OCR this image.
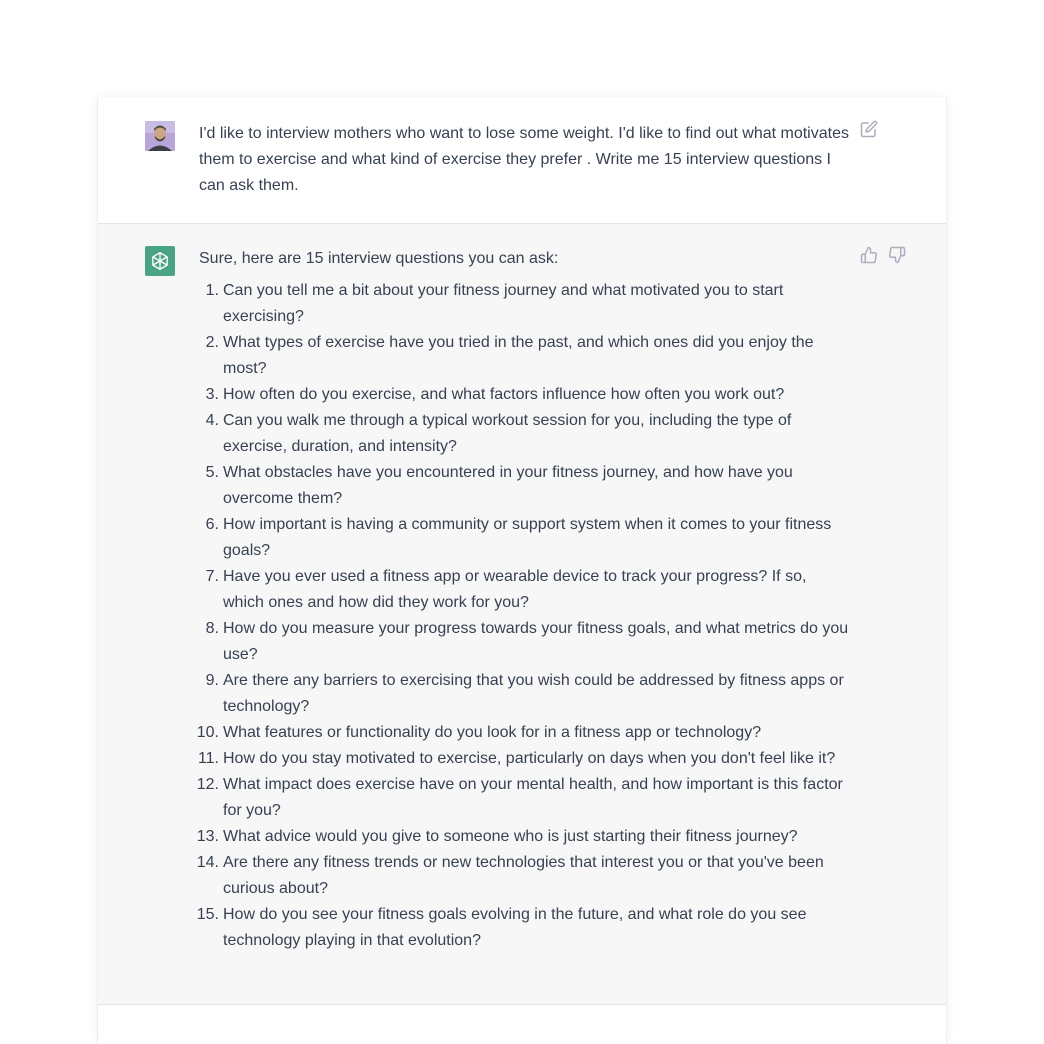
I'd like to interview mothers who want to lose some weight. I'd like to find out what motivates them to exercise and what kind of exercise they prefer . Write me 15 interview questions I can ask them.

Sure, here are 15 interview questions you can ask:

1. Can you tell me a bit about your fitness journey and what motivated you to start exercising?
2. What types of exercise have you tried in the past, and which ones did you enjoy the most?
3. How often do you exercise, and what factors influence how often you work out?
4. Can you walk me through a typical workout session for you, including the type of exercise, duration, and intensity?
5. What obstacles have you encountered in your fitness journey, and how have you overcome them?
6. How important is having a community or support system when it comes to your fitness goals?
7. Have you ever used a fitness app or wearable device to track your progress? If so, which ones and how did they work for you?
8. How do you measure your progress towards your fitness goals, and what metrics do you use?
9. Are there any barriers to exercising that you wish could be addressed by fitness apps or technology?
10. What features or functionality do you look for in a fitness app or technology?
11. How do you stay motivated to exercise, particularly on days when you don't feel like it?
12. What impact does exercise have on your mental health, and how important is this factor for you?
13. What advice would you give to someone who is just starting their fitness journey?
14. Are there any fitness trends or new technologies that interest you or that you've been curious about?
15. How do you see your fitness goals evolving in the future, and what role do you see technology playing in that evolution?
